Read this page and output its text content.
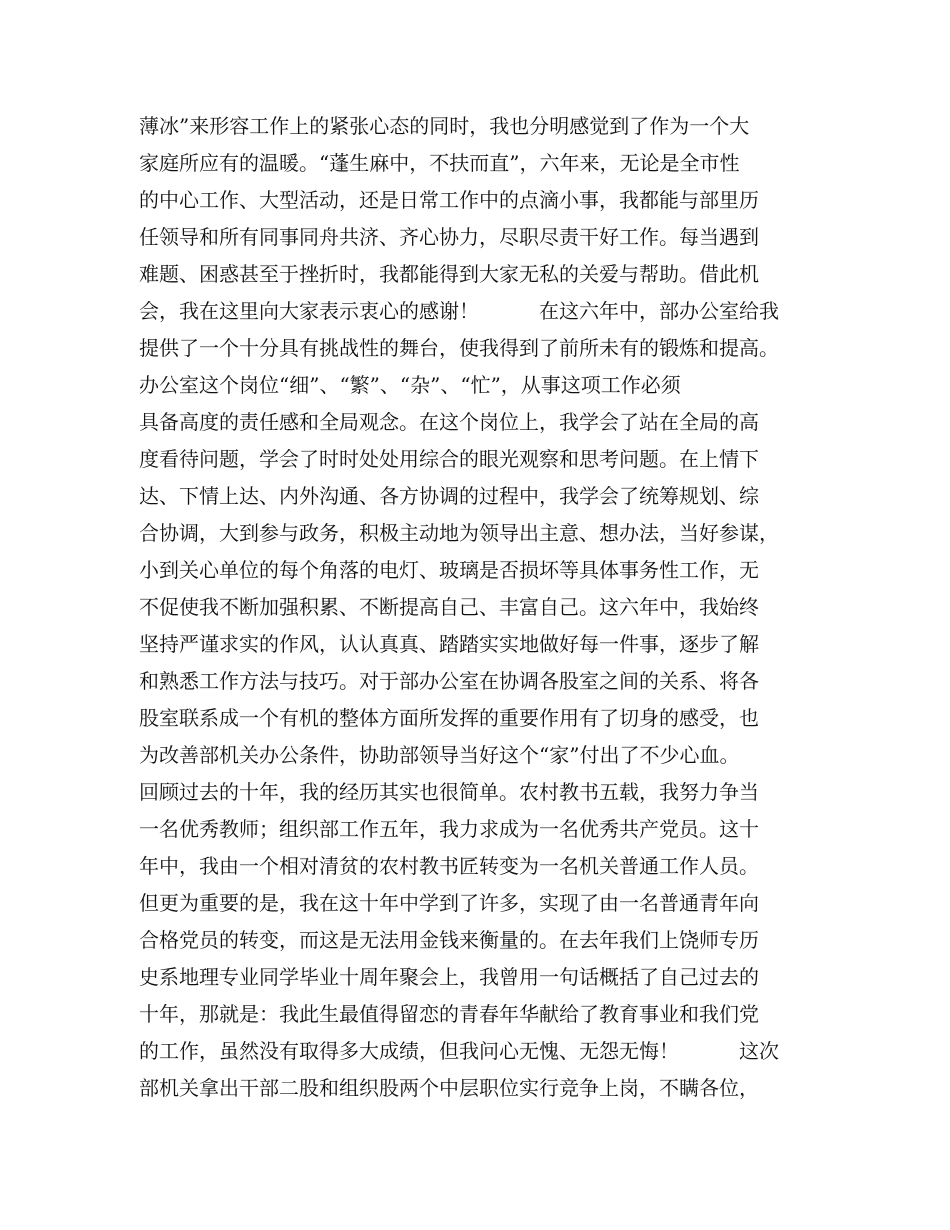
薄冰”来形容工作上的紧张心态的同时，我也分明感觉到了作为一个大
家庭所应有的温暖。“蓬生麻中，不扶而直”，六年来，无论是全市性
的中心工作、大型活动，还是日常工作中的点滴小事，我都能与部里历
任领导和所有同事同舟共济、齐心协力，尽职尽责干好工作。每当遇到
难题、困惑甚至于挫折时，我都能得到大家无私的关爱与帮助。借此机
会，我在这里向大家表示衷心的感谢！　　　在这六年中，部办公室给我
提供了一个十分具有挑战性的舞台，使我得到了前所未有的锻炼和提高。
办公室这个岗位“细”、“繁”、“杂”、“忙”，从事这项工作必须
具备高度的责任感和全局观念。在这个岗位上，我学会了站在全局的高
度看待问题，学会了时时处处用综合的眼光观察和思考问题。在上情下
达、下情上达、内外沟通、各方协调的过程中，我学会了统筹规划、综
合协调，大到参与政务，积极主动地为领导出主意、想办法，当好参谋，
小到关心单位的每个角落的电灯、玻璃是否损坏等具体事务性工作，无
不促使我不断加强积累、不断提高自己、丰富自己。这六年中，我始终
坚持严谨求实的作风，认认真真、踏踏实实地做好每一件事，逐步了解
和熟悉工作方法与技巧。对于部办公室在协调各股室之间的关系、将各
股室联系成一个有机的整体方面所发挥的重要作用有了切身的感受，也
为改善部机关办公条件，协助部领导当好这个“家”付出了不少心血。
回顾过去的十年，我的经历其实也很简单。农村教书五载，我努力争当
一名优秀教师；组织部工作五年，我力求成为一名优秀共产党员。这十
年中，我由一个相对清贫的农村教书匠转变为一名机关普通工作人员。
但更为重要的是，我在这十年中学到了许多，实现了由一名普通青年向
合格党员的转变，而这是无法用金钱来衡量的。在去年我们上饶师专历
史系地理专业同学毕业十周年聚会上，我曾用一句话概括了自己过去的
十年，那就是：我此生最值得留恋的青春年华献给了教育事业和我们党
的工作，虽然没有取得多大成绩，但我问心无愧、无怨无悔！　　　这次
部机关拿出干部二股和组织股两个中层职位实行竞争上岗，不瞒各位，
